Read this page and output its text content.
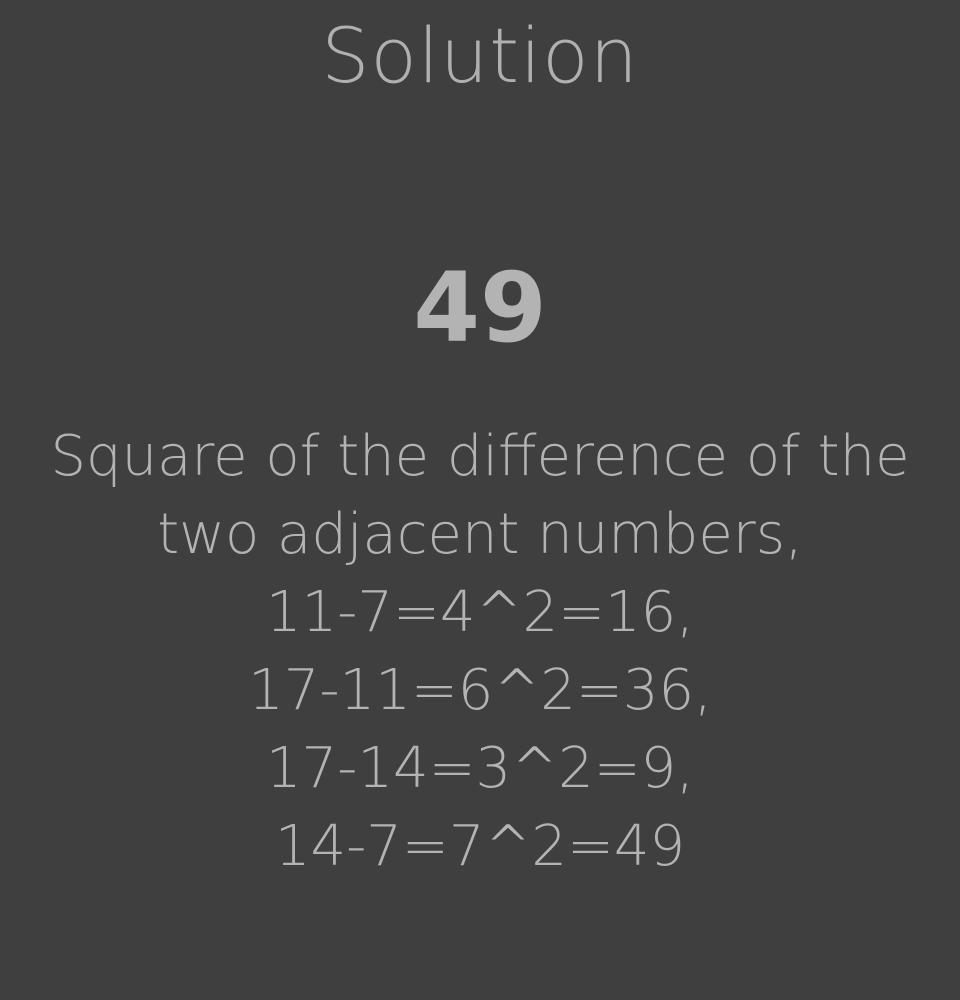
Solution
49
Square of the difference of the
two adjacent numbers,
11-7=4^2=16,
17-11=6^2=36,
17-14=3^2=9,
14-7=7^2=49
